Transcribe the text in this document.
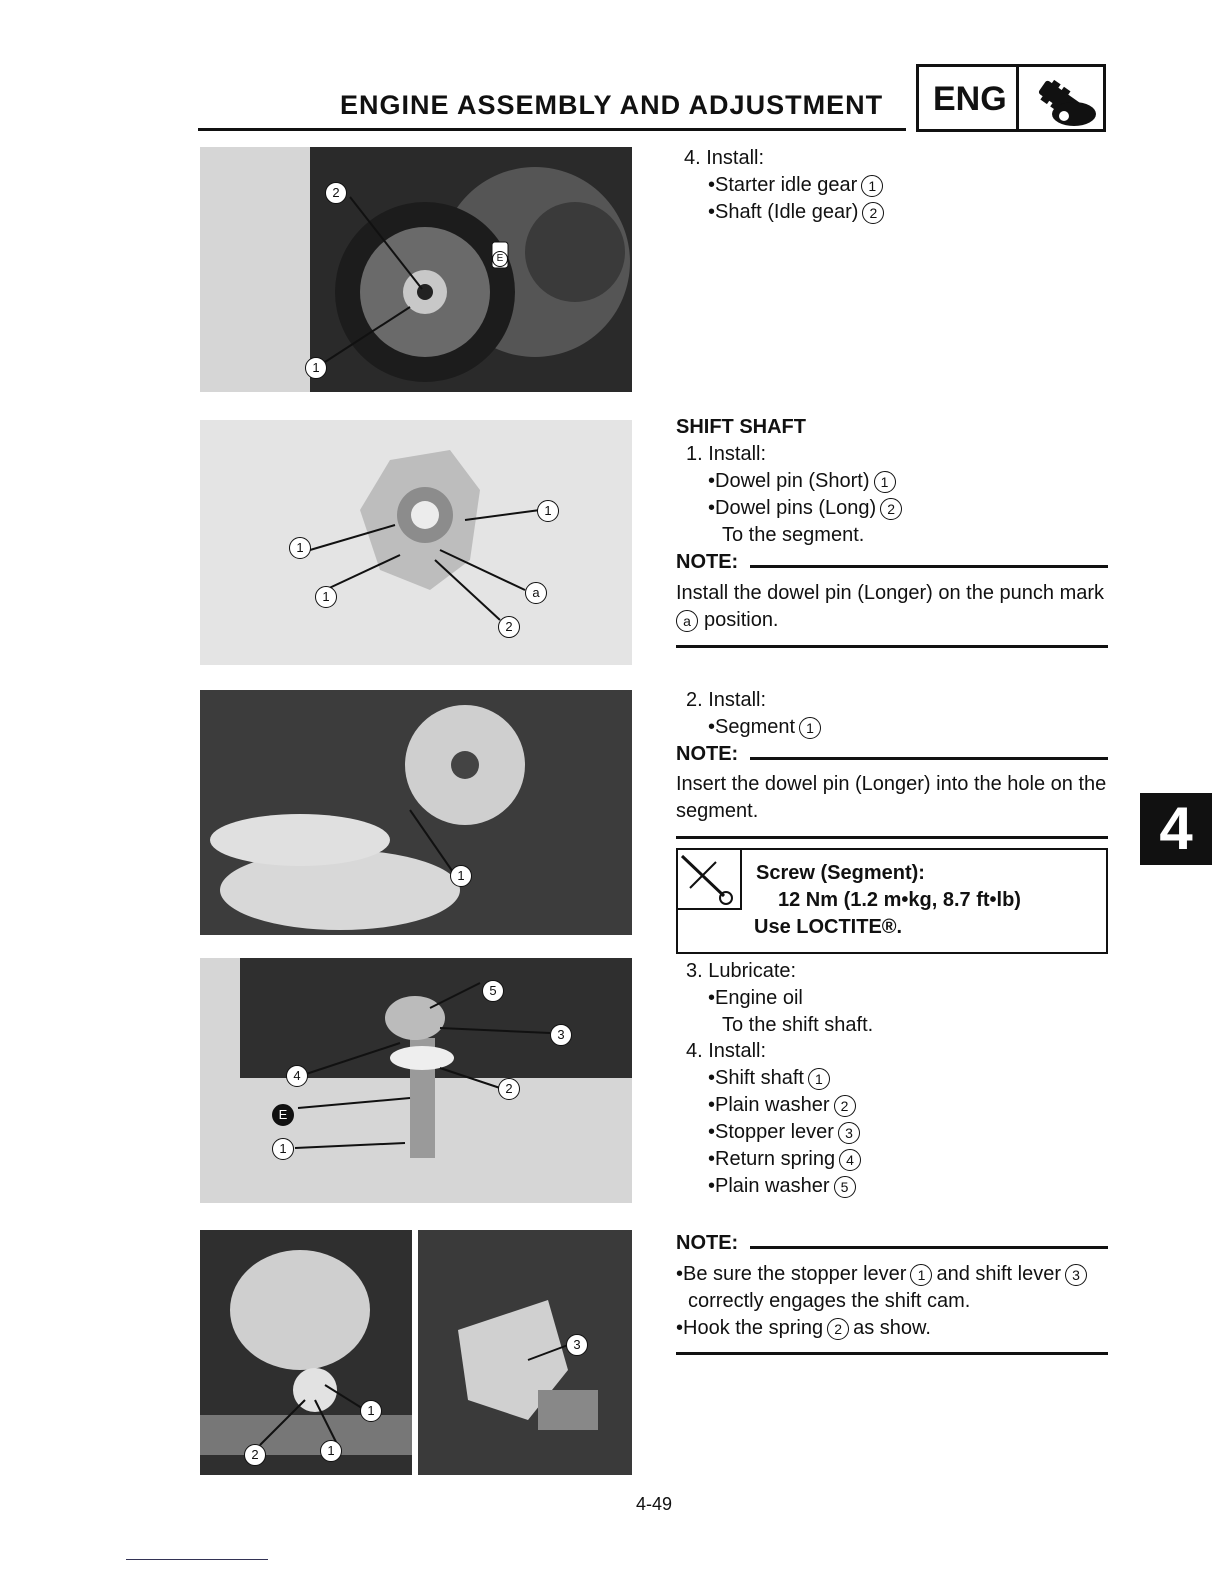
ENGINE ASSEMBLY AND ADJUSTMENT ENG
4
2
1
E
1
1
1	a
2
1
5
3
4
2
E
1
1
1
2
3
4. Install:
•Starter idle gear 1
•Shaft (Idle gear) 2
SHIFT SHAFT
1. Install:
•Dowel pin (Short) 1
•Dowel pins (Long) 2
To the segment.
NOTE:
Install the dowel pin (Longer) on the punch mark
a position.
2. Install:
•Segment 1
NOTE:
Insert the dowel pin (Longer) into the hole on the
segment.
Screw (Segment):
12 Nm (1.2 m•kg, 8.7 ft•lb)
Use LOCTITE®.
3. Lubricate:
•Engine oil
To the shift shaft.
4. Install:
•Shift shaft 1
•Plain washer 2
•Stopper lever 3
•Return spring 4
•Plain washer 5
NOTE:
•Be sure the stopper lever 1 and shift lever 3
correctly engages the shift cam.
•Hook the spring 2 as show.
4-49
